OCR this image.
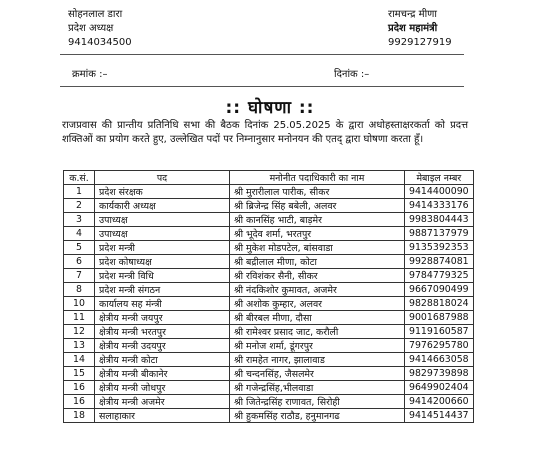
सोहनलाल डारा
प्रदेश अध्यक्ष
9414034500
रामचन्द्र मीणा
प्रदेश महामंत्री
9929127919
क्रमांक :–	दिनांक :–
:: घोषणा ::
राजप्रवास की प्रान्तीय प्रतिनिधि सभा की बैठक दिनांक 25.05.2025 के द्वारा अधोहस्ताक्षरकर्ता को प्रदत्त शक्तिओं का प्रयोग करते हुए, उल्लेखित पदों पर निम्नानुसार मनोनयन की एतद् द्वारा घोषणा करता हूँ।
क.सं.	पद	मनोनीत पदाधिकारी का नाम	मेबाइल नम्बर
1	प्रदेश संरक्षक	श्री मुरारीलाल पारीक, सीकर	9414400090
2	कार्यकारी अध्यक्ष	श्री ब्रिजेन्द्र सिंह बबेली, अलवर	9414333176
3	उपाध्यक्ष	श्री कानसिंह भाटी, बाड़मेर	9983804443
4	उपाध्यक्ष	श्री भूदेव शर्मा, भरतपुर	9887137979
5	प्रदेश मन्त्री	श्री मुकेश मोडपटेल, बांसवाडा	9135392353
6	प्रदेश कोषाध्यक्ष	श्री बद्रीलाल मीणा, कोटा	9928874081
7	प्रदेश मन्त्री विधि	श्री रविशंकर सैनी, सीकर	9784779325
8	प्रदेश मन्त्री संगठन	श्री नंदकिशोर कुमावत, अजमेर	9667090499
10	कार्यालय सह मंन्त्री	श्री अशोक कुम्हार, अलवर	9828818024
11	क्षेत्रीय मन्त्री जयपुर	श्री बीरबल मीणा, दौसा	9001687988
12	क्षेत्रीय मन्त्री भरतपुर	श्री रामेश्वर प्रसाद जाट, करौली	9119160587
13	क्षेत्रीय मन्त्री उदयपुर	श्री मनोज शर्मा, डूंगरपुर	7976295780
14	क्षेत्रीय मन्त्री कोटा	श्री रामहेत नागर, झालावाड	9414663058
15	क्षेत्रीय मन्त्री बीकानेर	श्री चन्दनसिंह, जैसलमेर	9829739898
16	क्षेत्रीय मन्त्री जोधपुर	श्री गजेन्द्रसिंह,भीलवाडा	9649902404
16	क्षेत्रीय मन्त्री अजमेर	श्री जितेन्द्रसिंह राणावत, सिरोही	9414200660
18	सलाहाकार	श्री हुकमसिंह राठौड, हनुमानगढ	9414514437
